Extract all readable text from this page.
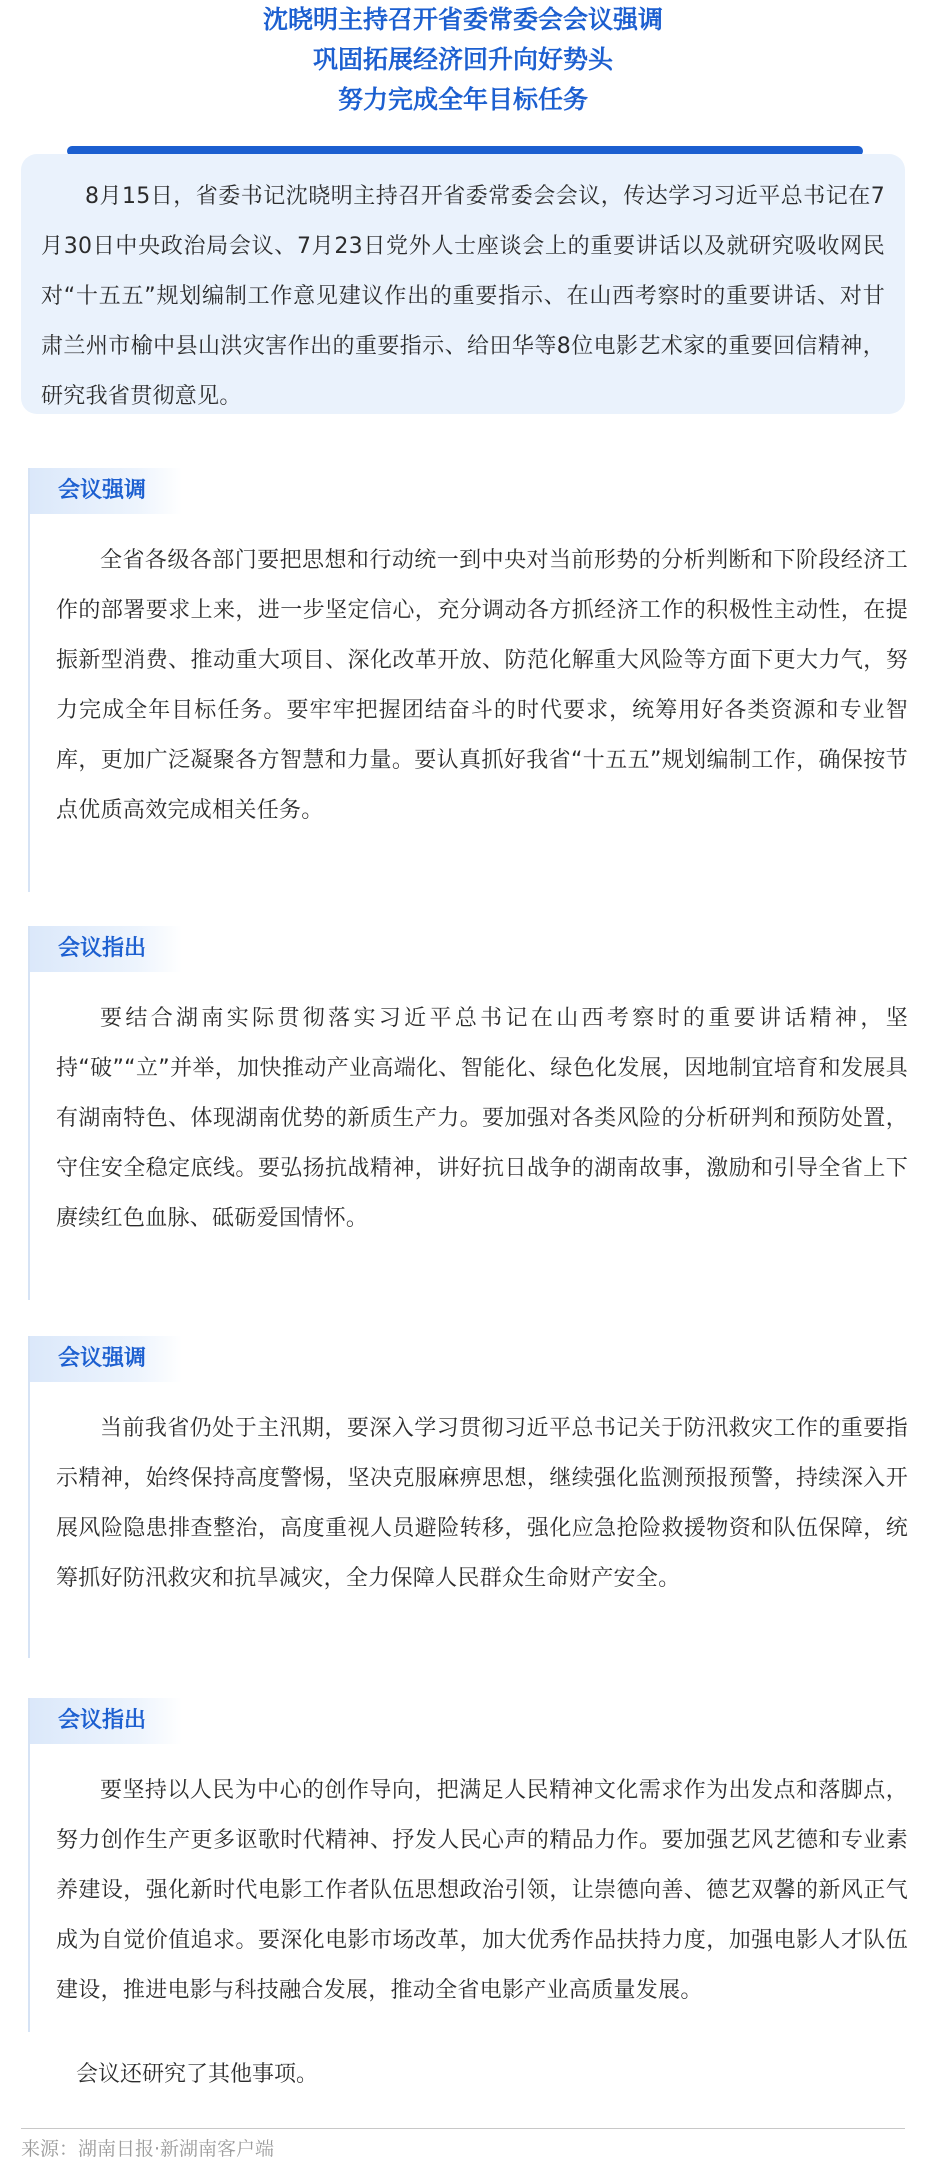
沈晓明主持召开省委常委会会议强调

巩固拓展经济回升向好势头

努力完成全年目标任务

8月15日，省委书记沈晓明主持召开省委常委会会议，传达学习习近平总书记在7月30日中央政治局会议、7月23日党外人士座谈会上的重要讲话以及就研究吸收网民对“十五五”规划编制工作意见建议作出的重要指示、在山西考察时的重要讲话、对甘肃兰州市榆中县山洪灾害作出的重要指示、给田华等8位电影艺术家的重要回信精神，研究我省贯彻意见。

会议强调

全省各级各部门要把思想和行动统一到中央对当前形势的分析判断和下阶段经济工作的部署要求上来，进一步坚定信心，充分调动各方抓经济工作的积极性主动性，在提振新型消费、推动重大项目、深化改革开放、防范化解重大风险等方面下更大力气，努力完成全年目标任务。要牢牢把握团结奋斗的时代要求，统筹用好各类资源和专业智库，更加广泛凝聚各方智慧和力量。要认真抓好我省“十五五”规划编制工作，确保按节点优质高效完成相关任务。

会议指出

要结合湖南实际贯彻落实习近平总书记在山西考察时的重要讲话精神，坚持“破”“立”并举，加快推动产业高端化、智能化、绿色化发展，因地制宜培育和发展具有湖南特色、体现湖南优势的新质生产力。要加强对各类风险的分析研判和预防处置，守住安全稳定底线。要弘扬抗战精神，讲好抗日战争的湖南故事，激励和引导全省上下赓续红色血脉、砥砺爱国情怀。

会议强调

当前我省仍处于主汛期，要深入学习贯彻习近平总书记关于防汛救灾工作的重要指示精神，始终保持高度警惕，坚决克服麻痹思想，继续强化监测预报预警，持续深入开展风险隐患排查整治，高度重视人员避险转移，强化应急抢险救援物资和队伍保障，统筹抓好防汛救灾和抗旱减灾，全力保障人民群众生命财产安全。

会议指出

要坚持以人民为中心的创作导向，把满足人民精神文化需求作为出发点和落脚点，努力创作生产更多讴歌时代精神、抒发人民心声的精品力作。要加强艺风艺德和专业素养建设，强化新时代电影工作者队伍思想政治引领，让崇德向善、德艺双馨的新风正气成为自觉价值追求。要深化电影市场改革，加大优秀作品扶持力度，加强电影人才队伍建设，推进电影与科技融合发展，推动全省电影产业高质量发展。

会议还研究了其他事项。

来源：湖南日报·新湖南客户端
